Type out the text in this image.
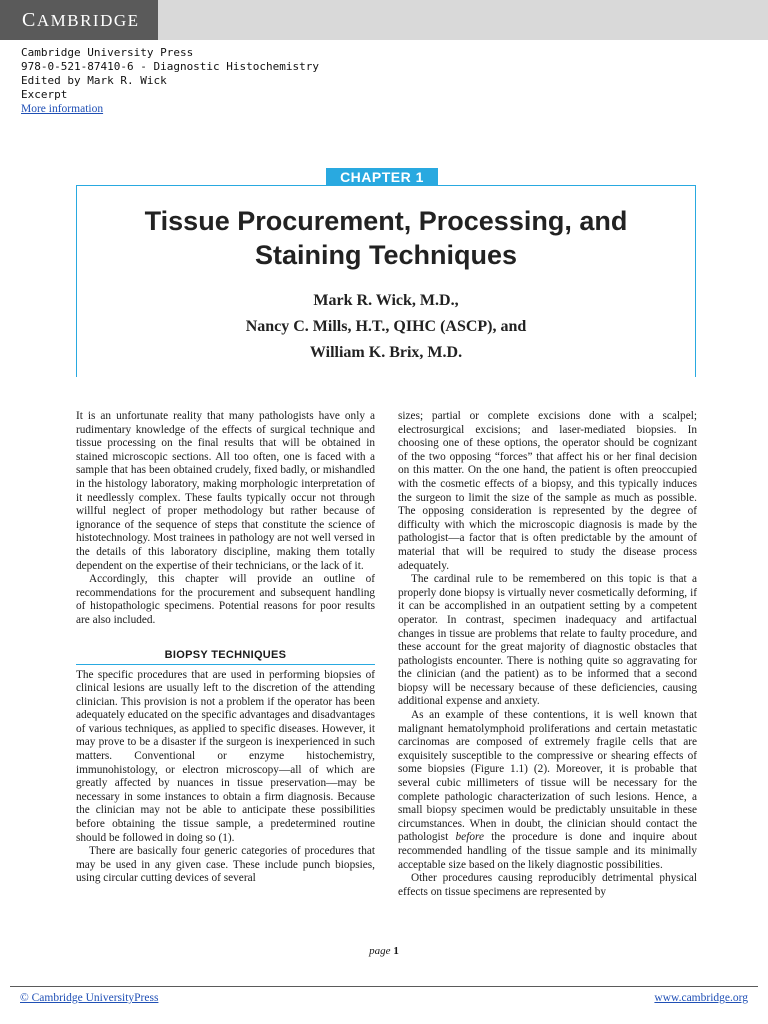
CAMBRIDGE
Cambridge University Press
978-0-521-87410-6 - Diagnostic Histochemistry
Edited by Mark R. Wick
Excerpt
More information
CHAPTER 1
Tissue Procurement, Processing, and
Staining Techniques
Mark R. Wick, M.D.,
Nancy C. Mills, H.T., QIHC (ASCP), and
William K. Brix, M.D.

It is an unfortunate reality that many pathologists have only a rudimentary knowledge of the effects of surgical technique and tissue processing on the final results that will be obtained in stained microscopic sections. All too often, one is faced with a sample that has been obtained crudely, fixed badly, or mishandled in the histology laboratory, making morphologic interpretation of it needlessly complex. These faults typically occur not through willful neglect of proper methodology but rather because of ignorance of the sequence of steps that constitute the science of histotechnology. Most trainees in pathology are not well versed in the details of this laboratory discipline, making them totally dependent on the expertise of their technicians, or the lack of it.

Accordingly, this chapter will provide an outline of recommendations for the procurement and subsequent handling of histopathologic specimens. Potential reasons for poor results are also included.

BIOPSY TECHNIQUES

The specific procedures that are used in performing biopsies of clinical lesions are usually left to the discretion of the attending clinician. This provision is not a problem if the operator has been adequately educated on the specific advantages and disadvantages of various techniques, as applied to specific diseases. However, it may prove to be a disaster if the surgeon is inexperienced in such matters. Conventional or enzyme histochemistry, immunohistology, or electron microscopy—all of which are greatly affected by nuances in tissue preservation—may be necessary in some instances to obtain a firm diagnosis. Because the clinician may not be able to anticipate these possibilities before obtaining the tissue sample, a predetermined routine should be followed in doing so (1).

There are basically four generic categories of procedures that may be used in any given case. These include punch biopsies, using circular cutting devices of several

sizes; partial or complete excisions done with a scalpel; electrosurgical excisions; and laser-mediated biopsies. In choosing one of these options, the operator should be cognizant of the two opposing “forces” that affect his or her final decision on this matter. On the one hand, the patient is often preoccupied with the cosmetic effects of a biopsy, and this typically induces the surgeon to limit the size of the sample as much as possible. The opposing consideration is represented by the degree of difficulty with which the microscopic diagnosis is made by the pathologist—a factor that is often predictable by the amount of material that will be required to study the disease process adequately.

The cardinal rule to be remembered on this topic is that a properly done biopsy is virtually never cosmetically deforming, if it can be accomplished in an outpatient setting by a competent operator. In contrast, specimen inadequacy and artifactual changes in tissue are problems that relate to faulty procedure, and these account for the great majority of diagnostic obstacles that pathologists encounter. There is nothing quite so aggravating for the clinician (and the patient) as to be informed that a second biopsy will be necessary because of these deficiencies, causing additional expense and anxiety.

As an example of these contentions, it is well known that malignant hematolymphoid proliferations and certain metastatic carcinomas are composed of extremely fragile cells that are exquisitely susceptible to the compressive or shearing effects of some biopsies (Figure 1.1) (2). Moreover, it is probable that several cubic millimeters of tissue will be necessary for the complete pathologic characterization of such lesions. Hence, a small biopsy specimen would be predictably unsuitable in these circumstances. When in doubt, the clinician should contact the pathologist before the procedure is done and inquire about recommended handling of the tissue sample and its minimally acceptable size based on the likely diagnostic possibilities.

Other procedures causing reproducibly detrimental physical effects on tissue specimens are represented by

page 1
© Cambridge UniversityPress	www.cambridge.org
